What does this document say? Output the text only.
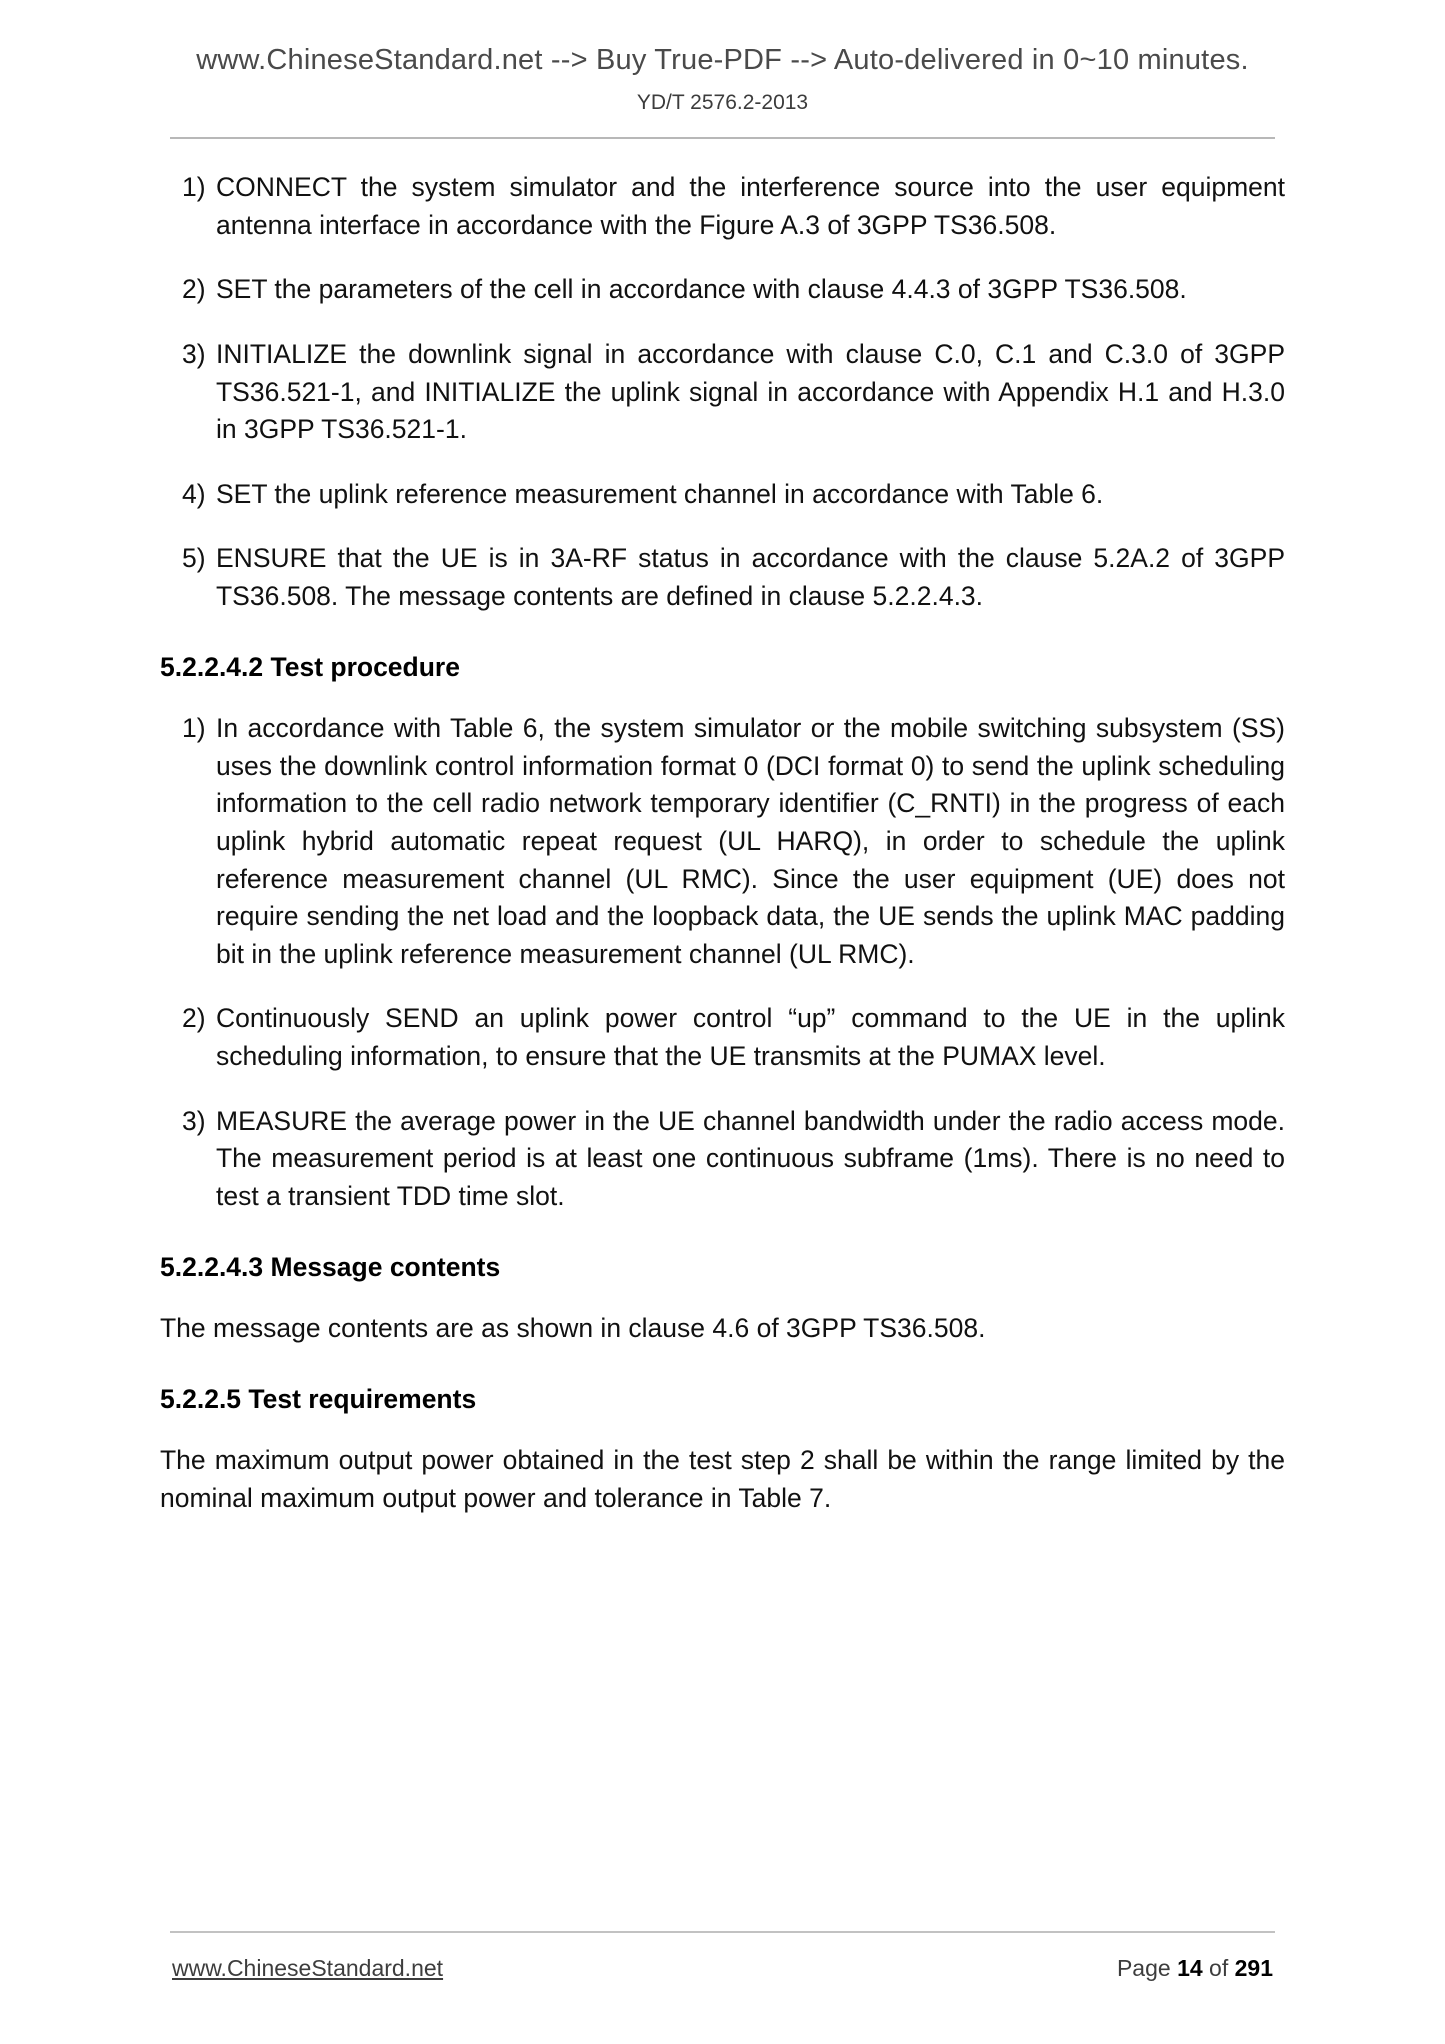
www.ChineseStandard.net --> Buy True-PDF --> Auto-delivered in 0~10 minutes.
YD/T 2576.2-2013
1) CONNECT the system simulator and the interference source into the user equipment antenna interface in accordance with the Figure A.3 of 3GPP TS36.508.
2) SET the parameters of the cell in accordance with clause 4.4.3 of 3GPP TS36.508.
3) INITIALIZE the downlink signal in accordance with clause C.0, C.1 and C.3.0 of 3GPP TS36.521-1, and INITIALIZE the uplink signal in accordance with Appendix H.1 and H.3.0 in 3GPP TS36.521-1.
4) SET the uplink reference measurement channel in accordance with Table 6.
5) ENSURE that the UE is in 3A-RF status in accordance with the clause 5.2A.2 of 3GPP TS36.508. The message contents are defined in clause 5.2.2.4.3.
5.2.2.4.2 Test procedure
1) In accordance with Table 6, the system simulator or the mobile switching subsystem (SS) uses the downlink control information format 0 (DCI format 0) to send the uplink scheduling information to the cell radio network temporary identifier (C_RNTI) in the progress of each uplink hybrid automatic repeat request (UL HARQ), in order to schedule the uplink reference measurement channel (UL RMC). Since the user equipment (UE) does not require sending the net load and the loopback data, the UE sends the uplink MAC padding bit in the uplink reference measurement channel (UL RMC).
2) Continuously SEND an uplink power control “up” command to the UE in the uplink scheduling information, to ensure that the UE transmits at the PUMAX level.
3) MEASURE the average power in the UE channel bandwidth under the radio access mode. The measurement period is at least one continuous subframe (1ms). There is no need to test a transient TDD time slot.
5.2.2.4.3 Message contents

The message contents are as shown in clause 4.6 of 3GPP TS36.508.

5.2.2.5 Test requirements

The maximum output power obtained in the test step 2 shall be within the range limited by the nominal maximum output power and tolerance in Table 7.

www.ChineseStandard.net	Page 14 of 291
